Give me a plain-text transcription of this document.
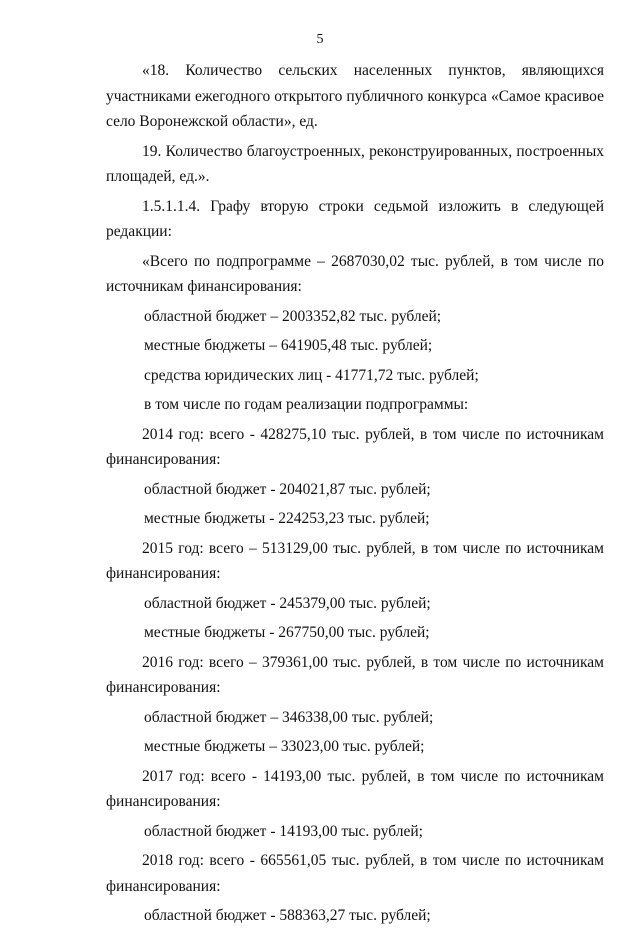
5

«18. Количество сельских населенных пунктов, являющихся участниками ежегодного открытого публичного конкурса «Самое красивое село Воронежской области», ед.

19. Количество благоустроенных, реконструированных, построенных площадей, ед.».

1.5.1.1.4. Графу вторую строки седьмой изложить в следующей редакции:

«Всего по подпрограмме – 2687030,02 тыс. рублей, в том числе по источникам финансирования:

областной бюджет – 2003352,82 тыс. рублей;

местные бюджеты – 641905,48 тыс. рублей;

средства юридических лиц - 41771,72 тыс. рублей;

в том числе по годам реализации подпрограммы:

2014 год: всего - 428275,10 тыс. рублей, в том числе по источникам финансирования:

областной бюджет - 204021,87 тыс. рублей;

местные бюджеты - 224253,23 тыс. рублей;

2015 год: всего – 513129,00 тыс. рублей, в том числе по источникам финансирования:

областной бюджет - 245379,00 тыс. рублей;

местные бюджеты - 267750,00 тыс. рублей;

2016 год: всего – 379361,00 тыс. рублей, в том числе по источникам финансирования:

областной бюджет – 346338,00 тыс. рублей;

местные бюджеты – 33023,00 тыс. рублей;

2017 год: всего - 14193,00 тыс. рублей, в том числе по источникам финансирования:

областной бюджет - 14193,00 тыс. рублей;

2018 год: всего - 665561,05 тыс. рублей, в том числе по источникам финансирования:

областной бюджет - 588363,27 тыс. рублей;
